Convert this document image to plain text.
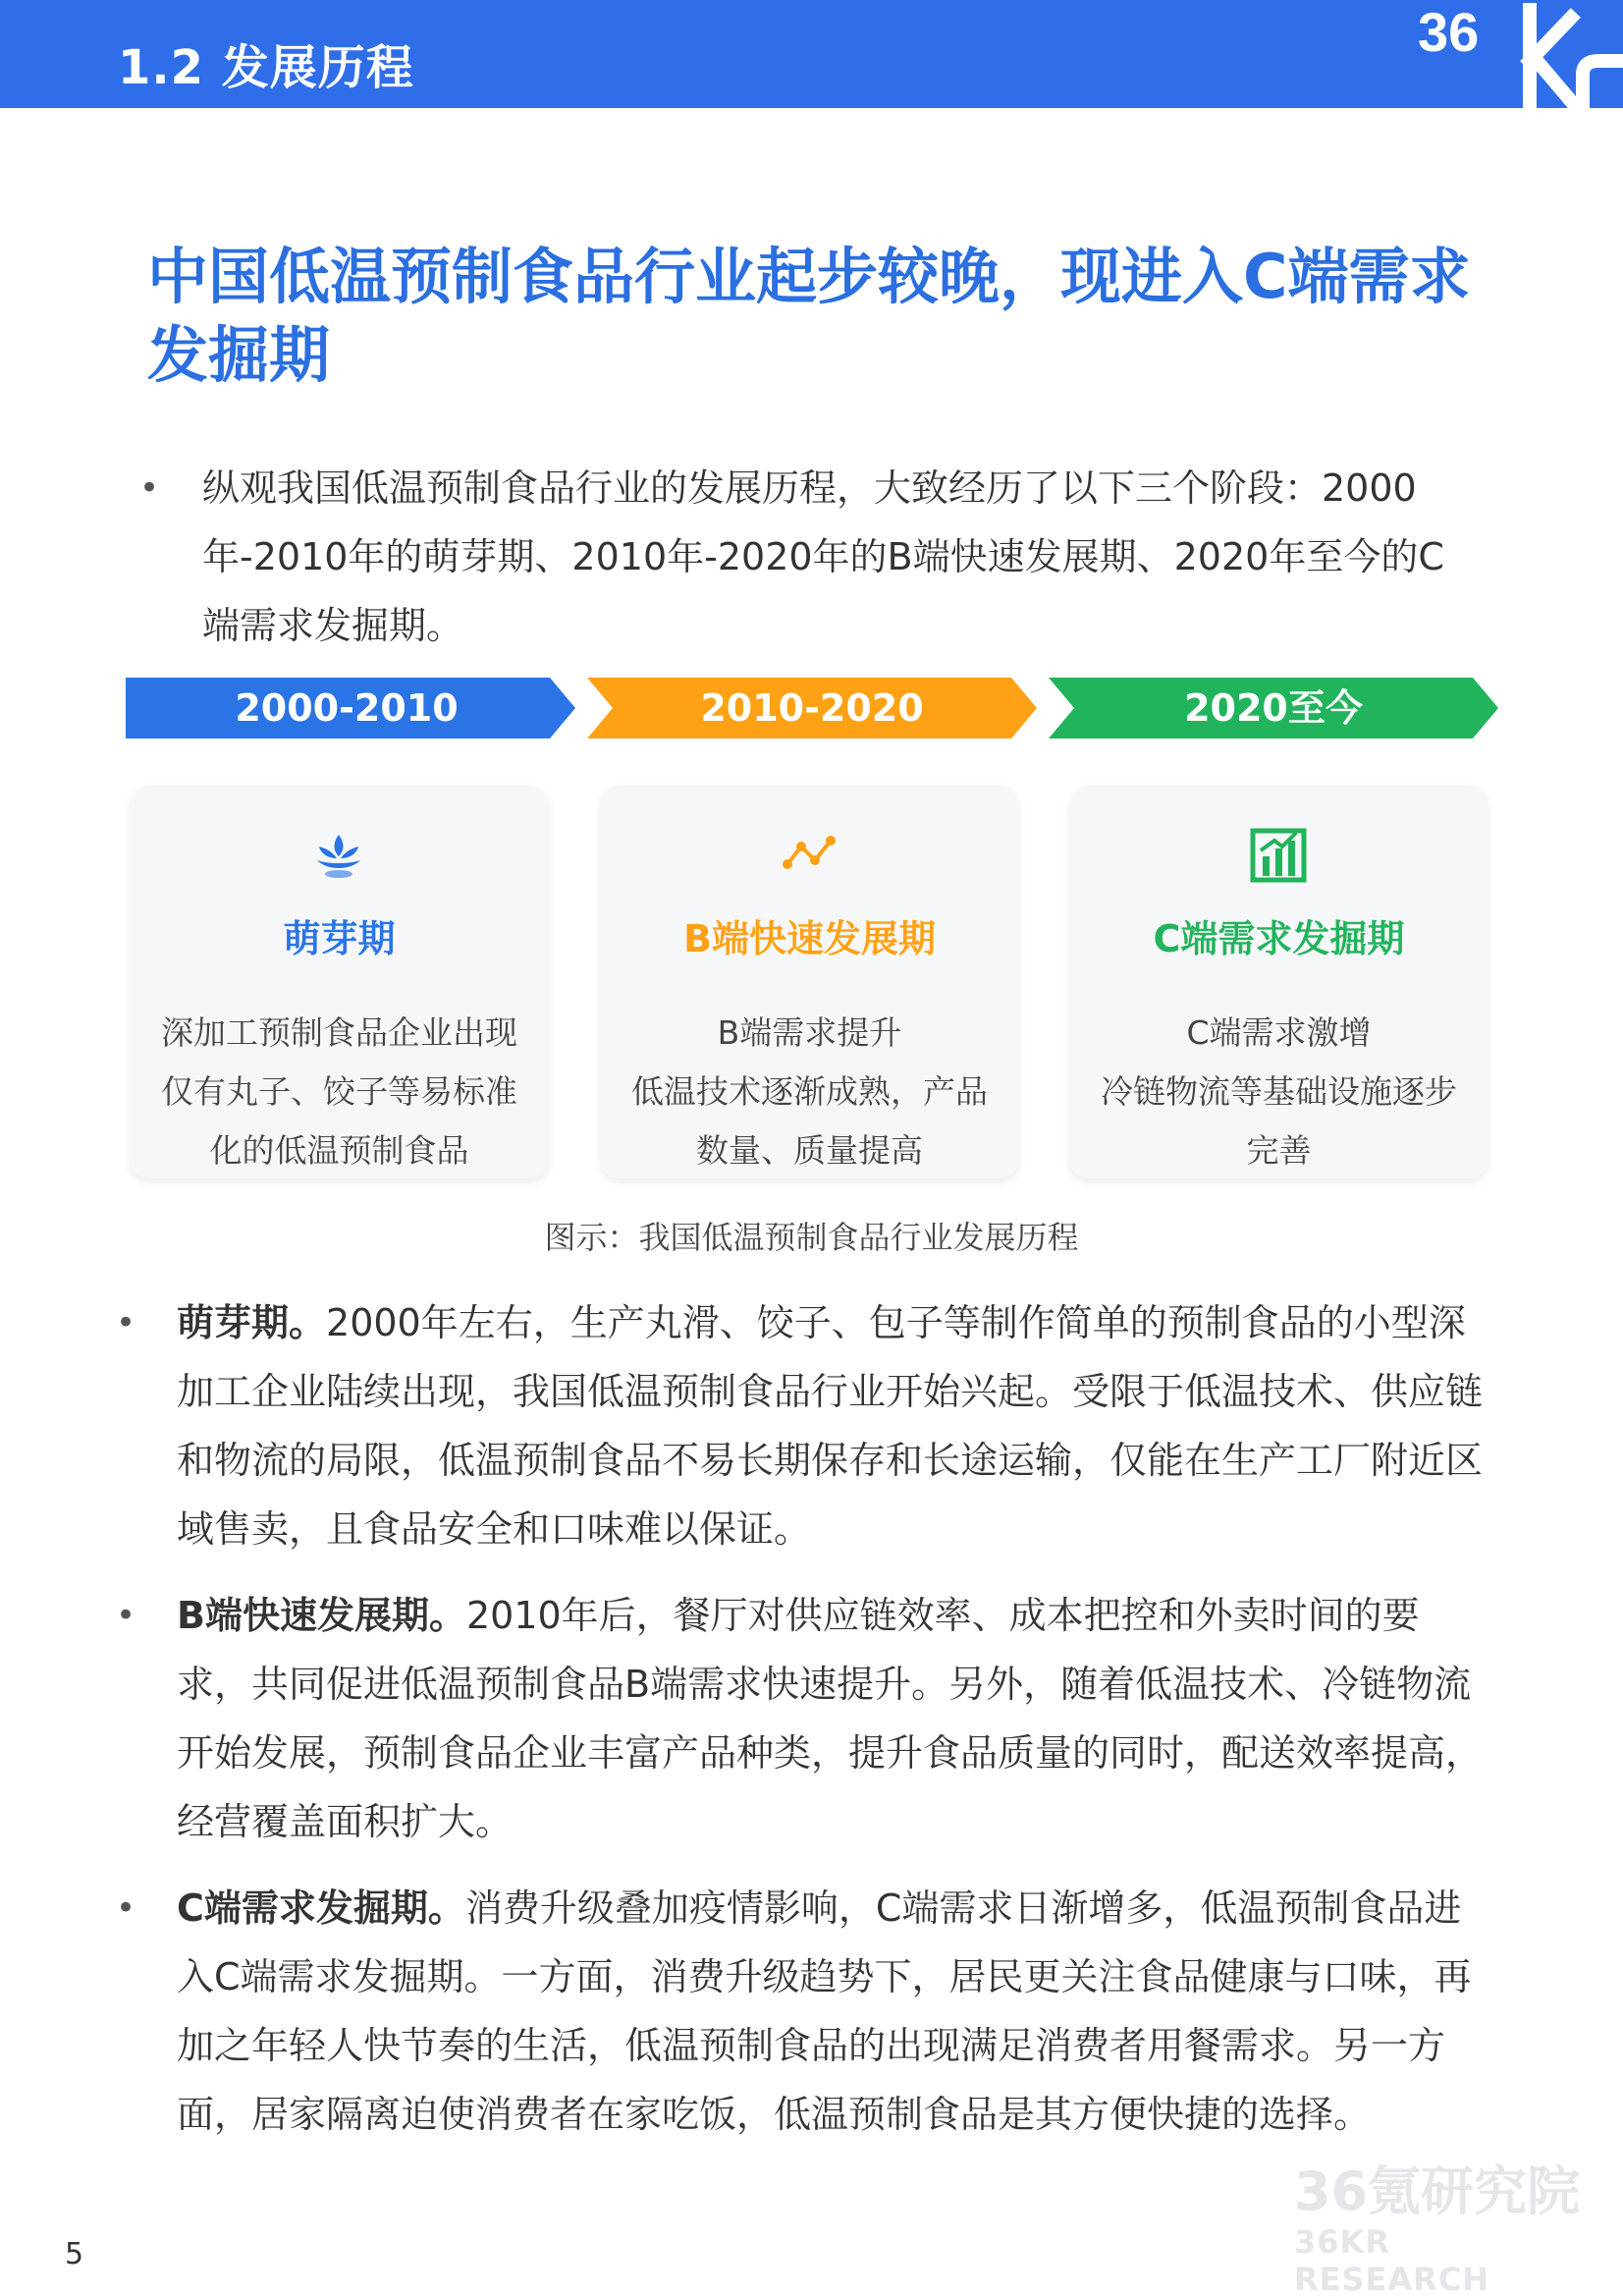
1.2 发展历程
36
中国低温预制食品行业起步较晚，现进入C端需求发掘期
• 纵观我国低温预制食品行业的发展历程，大致经历了以下三个阶段：2000年-2010年的萌芽期、2010年-2020年的B端快速发展期、2020年至今的C端需求发掘期。
2000-2010	2010-2020	2020至今
萌芽期
深加工预制食品企业出现
仅有丸子、饺子等易标准
化的低温预制食品
B端快速发展期
B端需求提升
低温技术逐渐成熟，产品
数量、质量提高
C端需求发掘期
C端需求激增
冷链物流等基础设施逐步
完善
图示：我国低温预制食品行业发展历程
• 萌芽期。2000年左右，生产丸滑、饺子、包子等制作简单的预制食品的小型深加工企业陆续出现，我国低温预制食品行业开始兴起。受限于低温技术、供应链和物流的局限，低温预制食品不易长期保存和长途运输，仅能在生产工厂附近区域售卖，且食品安全和口味难以保证。
• B端快速发展期。2010年后，餐厅对供应链效率、成本把控和外卖时间的要求，共同促进低温预制食品B端需求快速提升。另外，随着低温技术、冷链物流开始发展，预制食品企业丰富产品种类，提升食品质量的同时，配送效率提高，经营覆盖面积扩大。
• C端需求发掘期。消费升级叠加疫情影响，C端需求日渐增多，低温预制食品进入C端需求发掘期。一方面，消费升级趋势下，居民更关注食品健康与口味，再加之年轻人快节奏的生活，低温预制食品的出现满足消费者用餐需求。另一方面，居家隔离迫使消费者在家吃饭，低温预制食品是其方便快捷的选择。
36氪研究院
36KR RESEARCH
5
